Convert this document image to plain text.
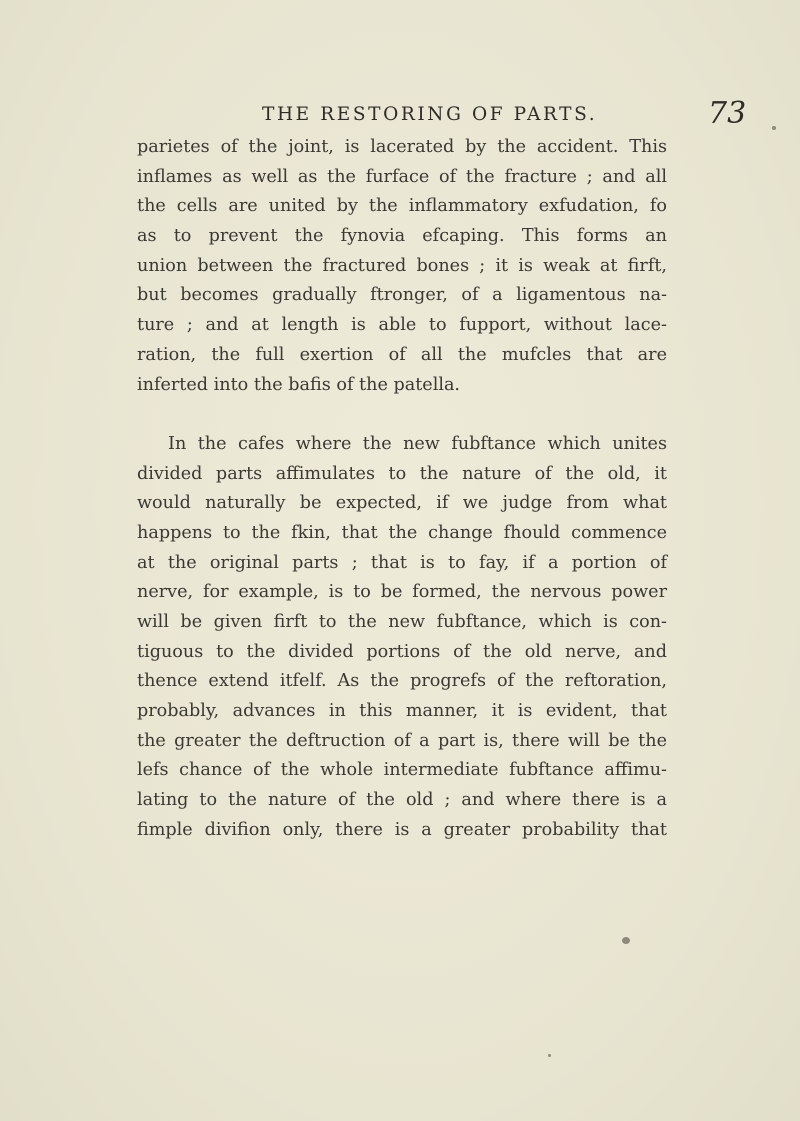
THE RESTORING OF PARTS.	73
parietes of the joint, is lacerated by the accident. This
inflames as well as the furface of the fracture ; and all
the cells are united by the inflammatory exfudation, fo
as to prevent the fynovia efcaping. This forms an
union between the fractured bones ; it is weak at firft,
but becomes gradually ftronger, of a ligamentous na-
ture ; and at length is able to fupport, without lace-
ration, the full exertion of all the mufcles that are
inferted into the bafis of the patella.
In the cafes where the new fubftance which unites
divided parts affimulates to the nature of the old, it
would naturally be expected, if we judge from what
happens to the fkin, that the change fhould commence
at the original parts ; that is to fay, if a portion of
nerve, for example, is to be formed, the nervous power
will be given firft to the new fubftance, which is con-
tiguous to the divided portions of the old nerve, and
thence extend itfelf. As the progrefs of the reftoration,
probably, advances in this manner, it is evident, that
the greater the deftruction of a part is, there will be the
lefs chance of the whole intermediate fubftance affimu-
lating to the nature of the old ; and where there is a
fimple divifion only, there is a greater probability that
